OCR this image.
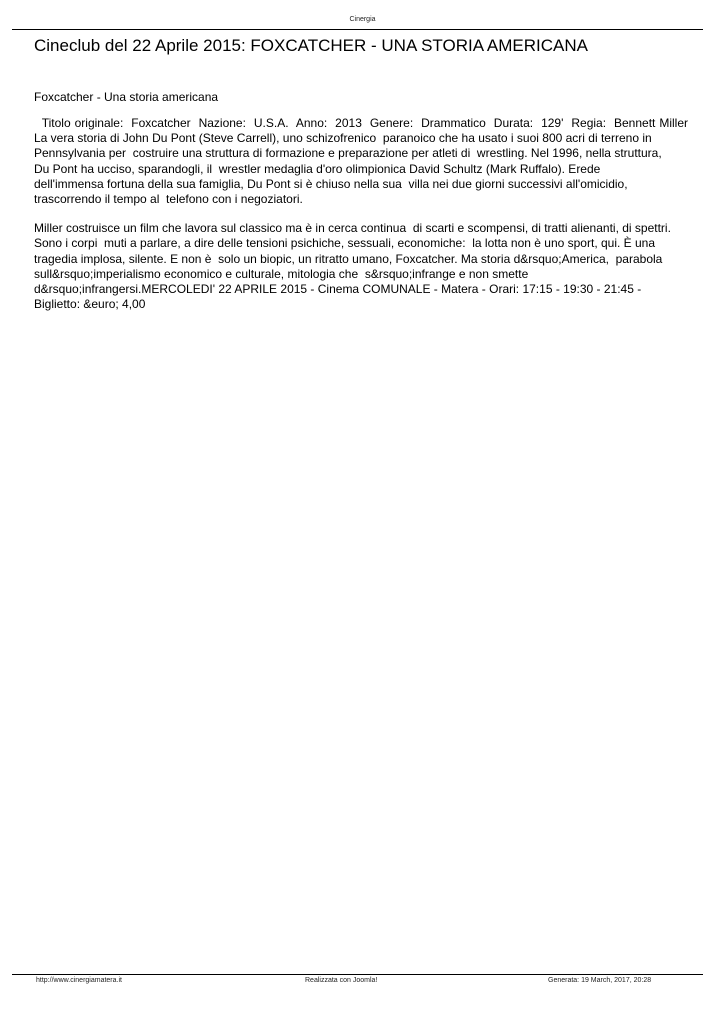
Cinergia
Cineclub del 22 Aprile 2015: FOXCATCHER - UNA STORIA AMERICANA
Foxcatcher - Una storia americana

Titolo originale:  Foxcatcher  Nazione:  U.S.A.  Anno:  2013  Genere:  Drammatico  Durata:  129'  Regia:  Bennett Miller
La vera storia di John Du Pont (Steve Carrell), uno schizofrenico  paranoico che ha usato i suoi 800 acri di terreno in
Pennsylvania per  costruire una struttura di formazione e preparazione per atleti di  wrestling. Nel 1996, nella struttura,
Du Pont ha ucciso, sparandogli, il  wrestler medaglia d'oro olimpionica David Schultz (Mark Ruffalo). Erede
dell'immensa fortuna della sua famiglia, Du Pont si è chiuso nella sua  villa nei due giorni successivi all'omicidio,
trascorrendo il tempo al  telefono con i negoziatori.

Miller costruisce un film che lavora sul classico ma è in cerca continua  di scarti e scompensi, di tratti alienanti, di spettri.
Sono i corpi  muti a parlare, a dire delle tensioni psichiche, sessuali, economiche:  la lotta non è uno sport, qui. È una
tragedia implosa, silente. E non è  solo un biopic, un ritratto umano, Foxcatcher. Ma storia d&rsquo;America,  parabola
sull&rsquo;imperialismo economico e culturale, mitologia che  s&rsquo;infrange e non smette
d&rsquo;infrangersi.MERCOLEDI' 22 APRILE 2015 - Cinema COMUNALE - Matera - Orari: 17:15 - 19:30 - 21:45 -
Biglietto: &euro; 4,00

http://www.cinergiamatera.it	Realizzata con Joomla!	Generata: 19 March, 2017, 20:28
